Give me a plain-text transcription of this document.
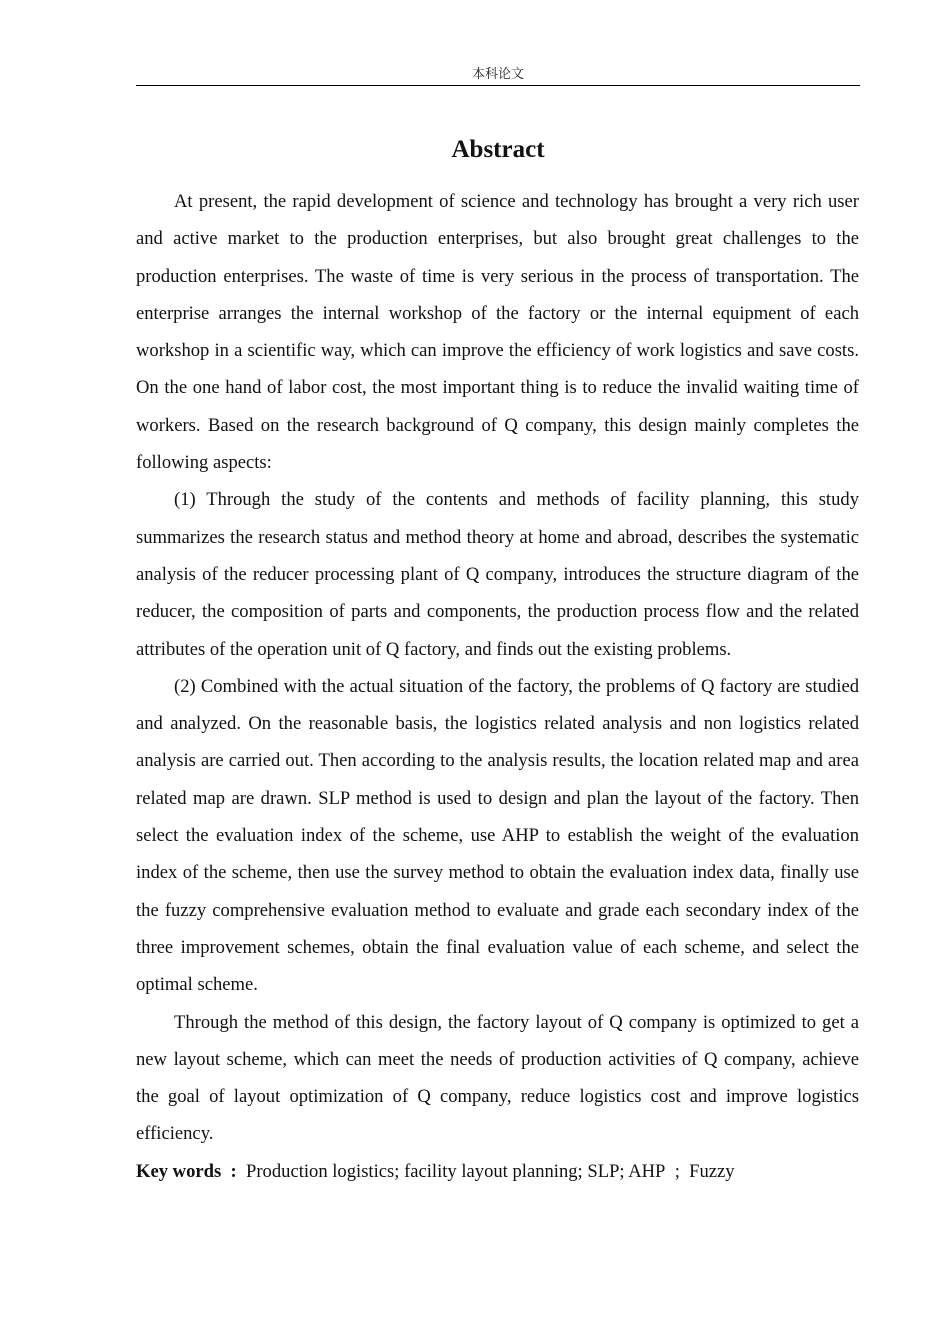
本科论文
Abstract

At present, the rapid development of science and technology has brought a very rich user and active market to the production enterprises, but also brought great challenges to the production enterprises. The waste of time is very serious in the process of transportation. The enterprise arranges the internal workshop of the factory or the internal equipment of each workshop in a scientific way, which can improve the efficiency of work logistics and save costs. On the one hand of labor cost, the most important thing is to reduce the invalid waiting time of workers. Based on the research background of Q company, this design mainly completes the following aspects:

(1) Through the study of the contents and methods of facility planning, this study summarizes the research status and method theory at home and abroad, describes the systematic analysis of the reducer processing plant of Q company, introduces the structure diagram of the reducer, the composition of parts and components, the production process flow and the related attributes of the operation unit of Q factory, and finds out the existing problems.

(2) Combined with the actual situation of the factory, the problems of Q factory are studied and analyzed. On the reasonable basis, the logistics related analysis and non logistics related analysis are carried out. Then according to the analysis results, the location related map and area related map are drawn. SLP method is used to design and plan the layout of the factory. Then select the evaluation index of the scheme, use AHP to establish the weight of the evaluation index of the scheme, then use the survey method to obtain the evaluation index data, finally use the fuzzy comprehensive evaluation method to evaluate and grade each secondary index of the three improvement schemes, obtain the final evaluation value of each scheme, and select the optimal scheme.

Through the method of this design, the factory layout of Q company is optimized to get a new layout scheme, which can meet the needs of production activities of Q company, achieve the goal of layout optimization of Q company, reduce logistics cost and improve logistics efficiency.

Key words  :  Production logistics; facility layout planning; SLP; AHP  ;  Fuzzy
